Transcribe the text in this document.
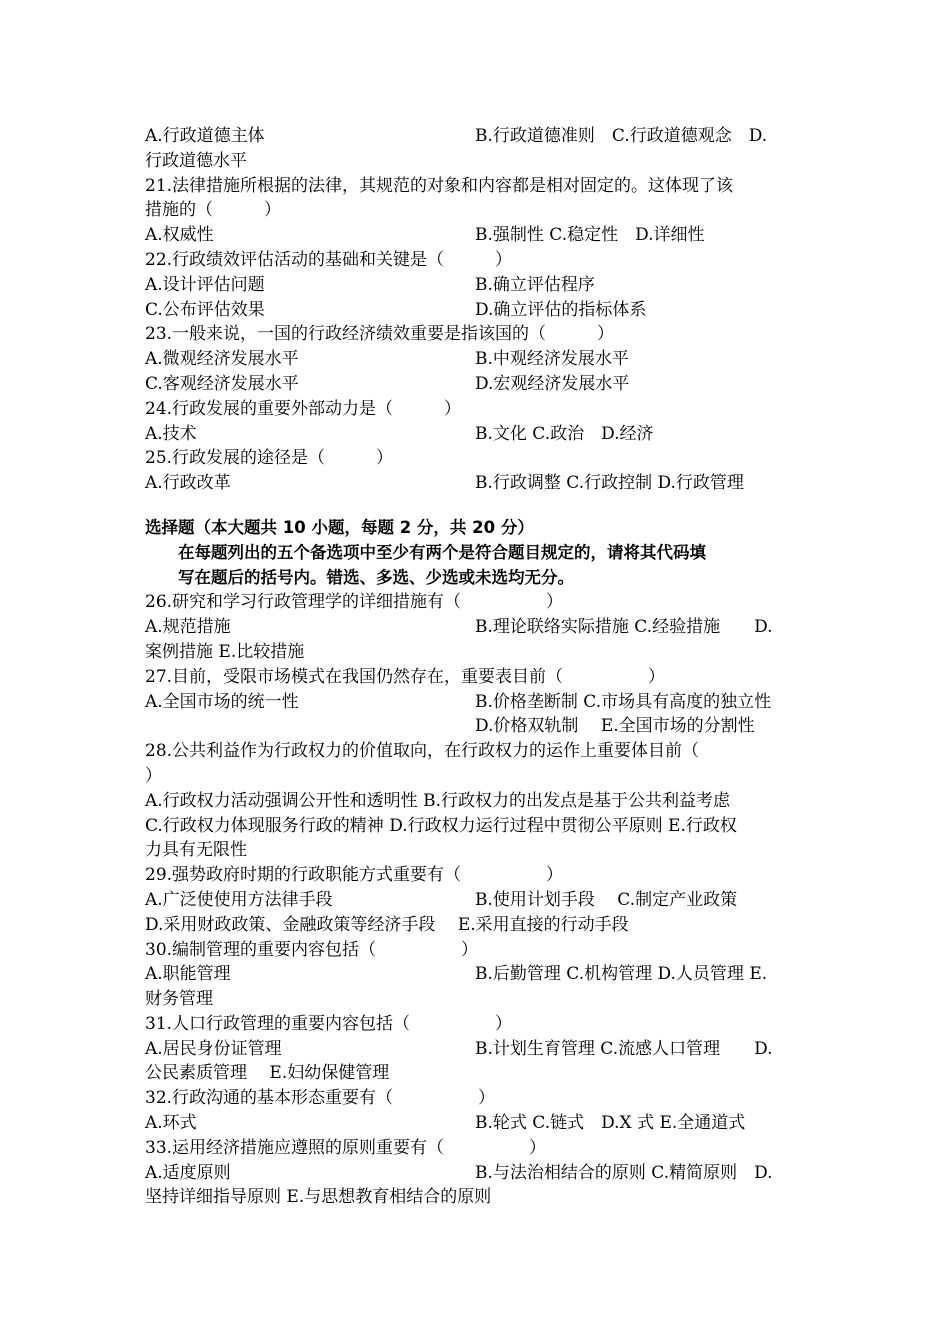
A.行政道德主体	B.行政道德准则　C.行政道德观念　D.
行政道德水平
21.法律措施所根据的法律，其规范的对象和内容都是相对固定的。这体现了该
措施的（　　　）
A.权威性	B.强制性 C.稳定性　D.详细性
22.行政绩效评估活动的基础和关键是（　　　）
A.设计评估问题	B.确立评估程序
C.公布评估效果	D.确立评估的指标体系
23.一般来说，一国的行政经济绩效重要是指该国的（　　　）
A.微观经济发展水平	B.中观经济发展水平
C.客观经济发展水平	D.宏观经济发展水平
24.行政发展的重要外部动力是（　　　）
A.技术	B.文化 C.政治　D.经济
25.行政发展的途径是（　　　）
A.行政改革	B.行政调整 C.行政控制 D.行政管理
选择题（本大题共 10 小题，每题 2 分，共 20 分）
在每题列出的五个备选项中至少有两个是符合题目规定的，请将其代码填
写在题后的括号内。错选、多选、少选或未选均无分。
26.研究和学习行政管理学的详细措施有（　　　　　）
A.规范措施	B.理论联络实际措施 C.经验措施　　D.
案例措施 E.比较措施
27.目前，受限市场模式在我国仍然存在，重要表目前（　　　　　）
A.全国市场的统一性	B.价格垄断制 C.市场具有高度的独立性
D.价格双轨制　 E.全国市场的分割性
28.公共利益作为行政权力的价值取向，在行政权力的运作上重要体目前（
）
A.行政权力活动强调公开性和透明性 B.行政权力的出发点是基于公共利益考虑
C.行政权力体现服务行政的精神 D.行政权力运行过程中贯彻公平原则 E.行政权
力具有无限性
29.强势政府时期的行政职能方式重要有（　　　　　）
A.广泛使使用方法律手段	B.使用计划手段　 C.制定产业政策
D.采用财政政策、金融政策等经济手段　 E.采用直接的行动手段
30.编制管理的重要内容包括（　　　　　）
A.职能管理	B.后勤管理 C.机构管理 D.人员管理 E.
财务管理
31.人口行政管理的重要内容包括（　　　　　）
A.居民身份证管理	B.计划生育管理 C.流感人口管理　　D.
公民素质管理　 E.妇幼保健管理
32.行政沟通的基本形态重要有（　　　　　）
A.环式	B.轮式 C.链式　D.X 式 E.全通道式
33.运用经济措施应遵照的原则重要有（　　　　　）
A.适度原则	B.与法治相结合的原则 C.精简原则　D.
坚持详细指导原则 E.与思想教育相结合的原则
